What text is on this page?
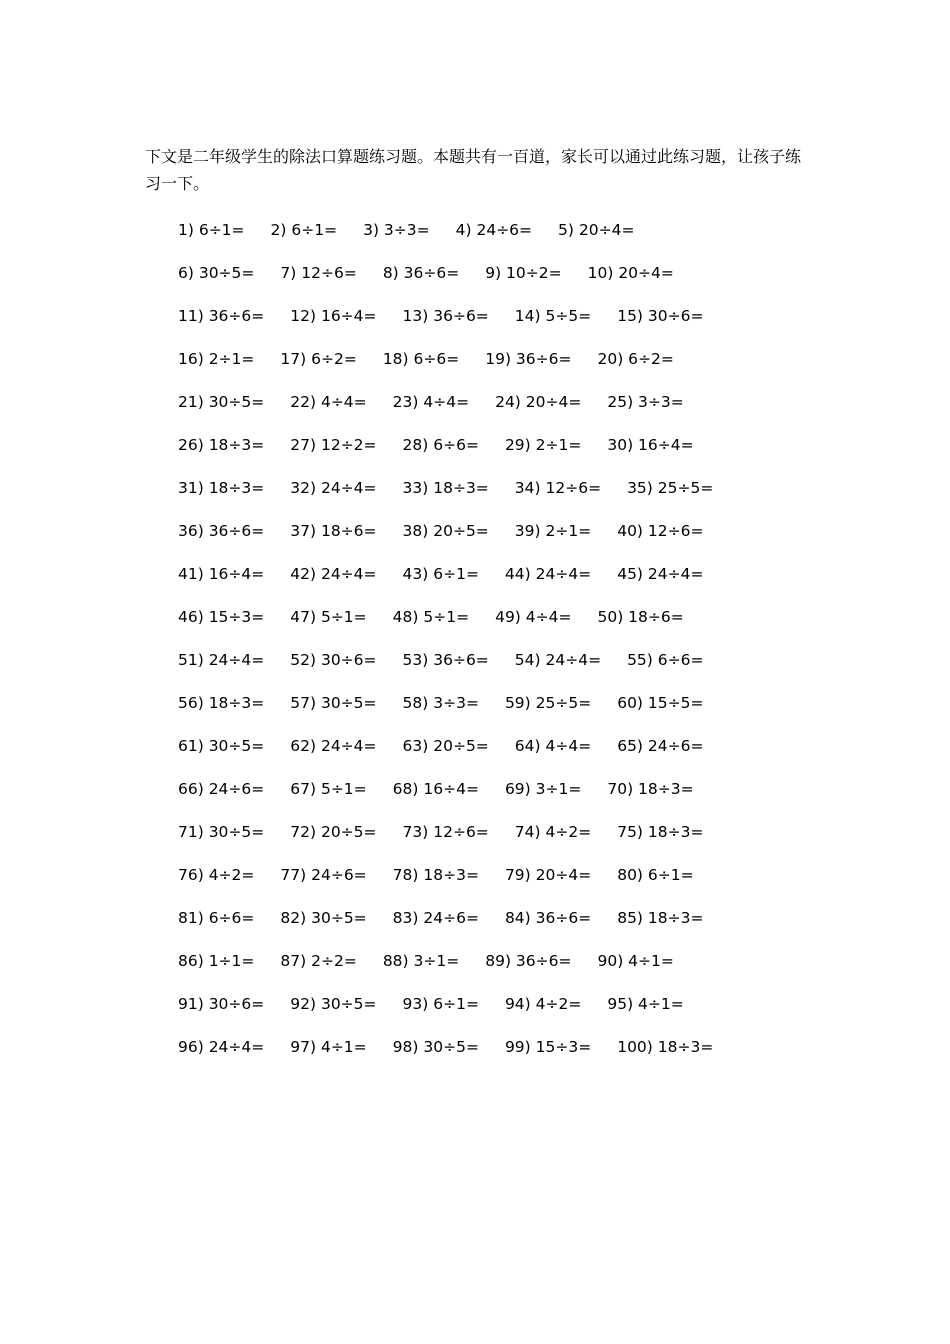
下文是二年级学生的除法口算题练习题。本题共有一百道，家长可以通过此练习题，让孩子练习一下。

1) 6÷1= 2) 6÷1= 3) 3÷3= 4) 24÷6= 5) 20÷4=
6) 30÷5= 7) 12÷6= 8) 36÷6= 9) 10÷2= 10) 20÷4=
11) 36÷6= 12) 16÷4= 13) 36÷6= 14) 5÷5= 15) 30÷6=
16) 2÷1= 17) 6÷2= 18) 6÷6= 19) 36÷6= 20) 6÷2=
21) 30÷5= 22) 4÷4= 23) 4÷4= 24) 20÷4= 25) 3÷3=
26) 18÷3= 27) 12÷2= 28) 6÷6= 29) 2÷1= 30) 16÷4=
31) 18÷3= 32) 24÷4= 33) 18÷3= 34) 12÷6= 35) 25÷5=
36) 36÷6= 37) 18÷6= 38) 20÷5= 39) 2÷1= 40) 12÷6=
41) 16÷4= 42) 24÷4= 43) 6÷1= 44) 24÷4= 45) 24÷4=
46) 15÷3= 47) 5÷1= 48) 5÷1= 49) 4÷4= 50) 18÷6=
51) 24÷4= 52) 30÷6= 53) 36÷6= 54) 24÷4= 55) 6÷6=
56) 18÷3= 57) 30÷5= 58) 3÷3= 59) 25÷5= 60) 15÷5=
61) 30÷5= 62) 24÷4= 63) 20÷5= 64) 4÷4= 65) 24÷6=
66) 24÷6= 67) 5÷1= 68) 16÷4= 69) 3÷1= 70) 18÷3=
71) 30÷5= 72) 20÷5= 73) 12÷6= 74) 4÷2= 75) 18÷3=
76) 4÷2= 77) 24÷6= 78) 18÷3= 79) 20÷4= 80) 6÷1=
81) 6÷6= 82) 30÷5= 83) 24÷6= 84) 36÷6= 85) 18÷3=
86) 1÷1= 87) 2÷2= 88) 3÷1= 89) 36÷6= 90) 4÷1=
91) 30÷6= 92) 30÷5= 93) 6÷1= 94) 4÷2= 95) 4÷1=
96) 24÷4= 97) 4÷1= 98) 30÷5= 99) 15÷3= 100) 18÷3=
